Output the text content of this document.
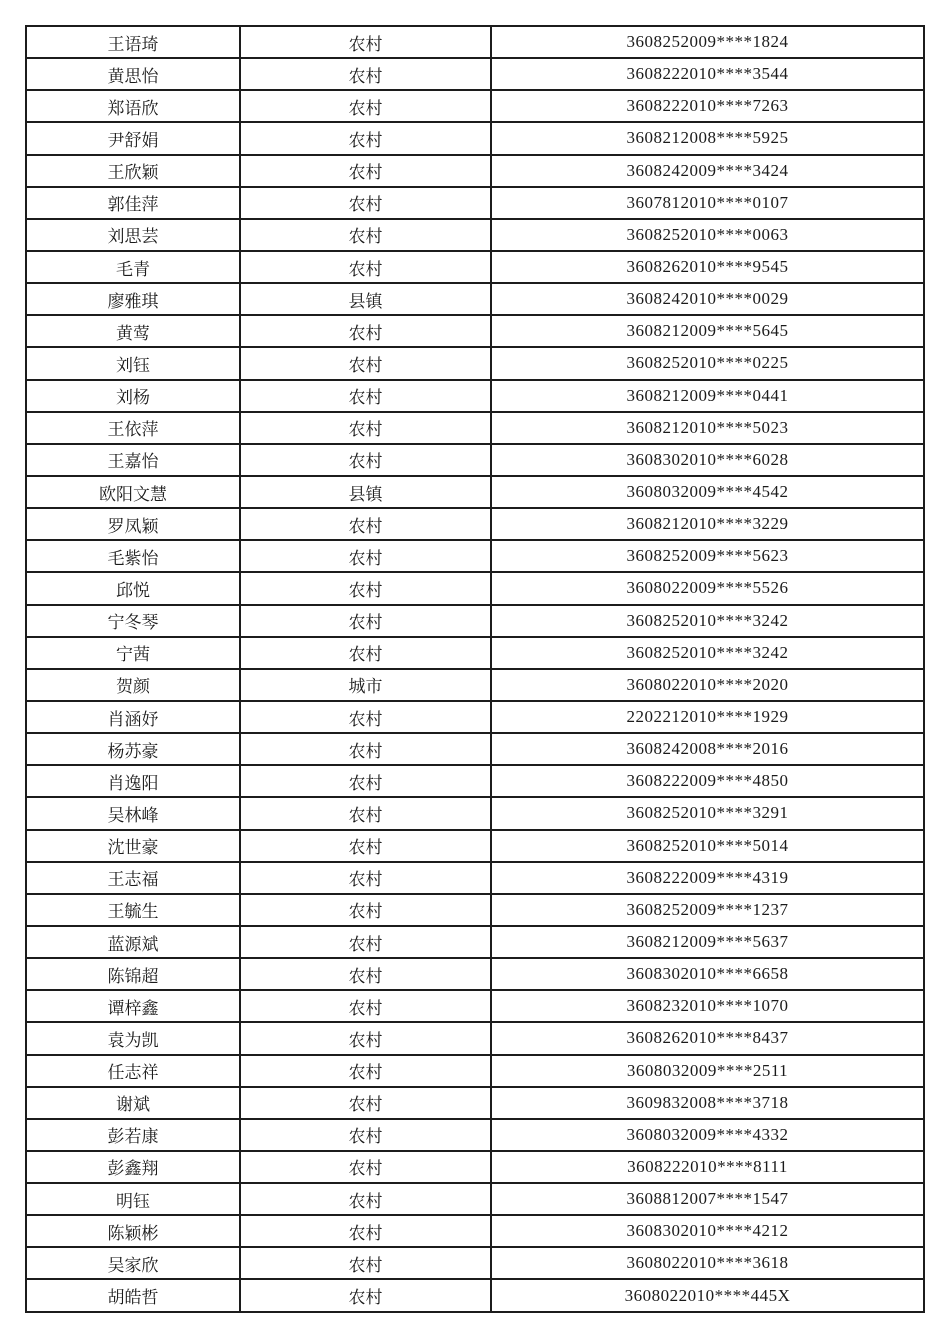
王语琦	农村	3608252009****1824
黄思怡	农村	3608222010****3544
郑语欣	农村	3608222010****7263
尹舒娟	农村	3608212008****5925
王欣颖	农村	3608242009****3424
郭佳萍	农村	3607812010****0107
刘思芸	农村	3608252010****0063
毛青	农村	3608262010****9545
廖雅琪	县镇	3608242010****0029
黄莺	农村	3608212009****5645
刘钰	农村	3608252010****0225
刘杨	农村	3608212009****0441
王依萍	农村	3608212010****5023
王嘉怡	农村	3608302010****6028
欧阳文慧	县镇	3608032009****4542
罗凤颖	农村	3608212010****3229
毛紫怡	农村	3608252009****5623
邱悦	农村	3608022009****5526
宁冬琴	农村	3608252010****3242
宁茜	农村	3608252010****3242
贺颜	城市	3608022010****2020
肖涵妤	农村	2202212010****1929
杨苏豪	农村	3608242008****2016
肖逸阳	农村	3608222009****4850
吴林峰	农村	3608252010****3291
沈世豪	农村	3608252010****5014
王志福	农村	3608222009****4319
王毓生	农村	3608252009****1237
蓝源斌	农村	3608212009****5637
陈锦超	农村	3608302010****6658
谭梓鑫	农村	3608232010****1070
袁为凯	农村	3608262010****8437
任志祥	农村	3608032009****2511
谢斌	农村	3609832008****3718
彭若康	农村	3608032009****4332
彭鑫翔	农村	3608222010****8111
明钰	农村	3608812007****1547
陈颖彬	农村	3608302010****4212
吴家欣	农村	3608022010****3618
胡皓哲	农村	3608022010****445X
